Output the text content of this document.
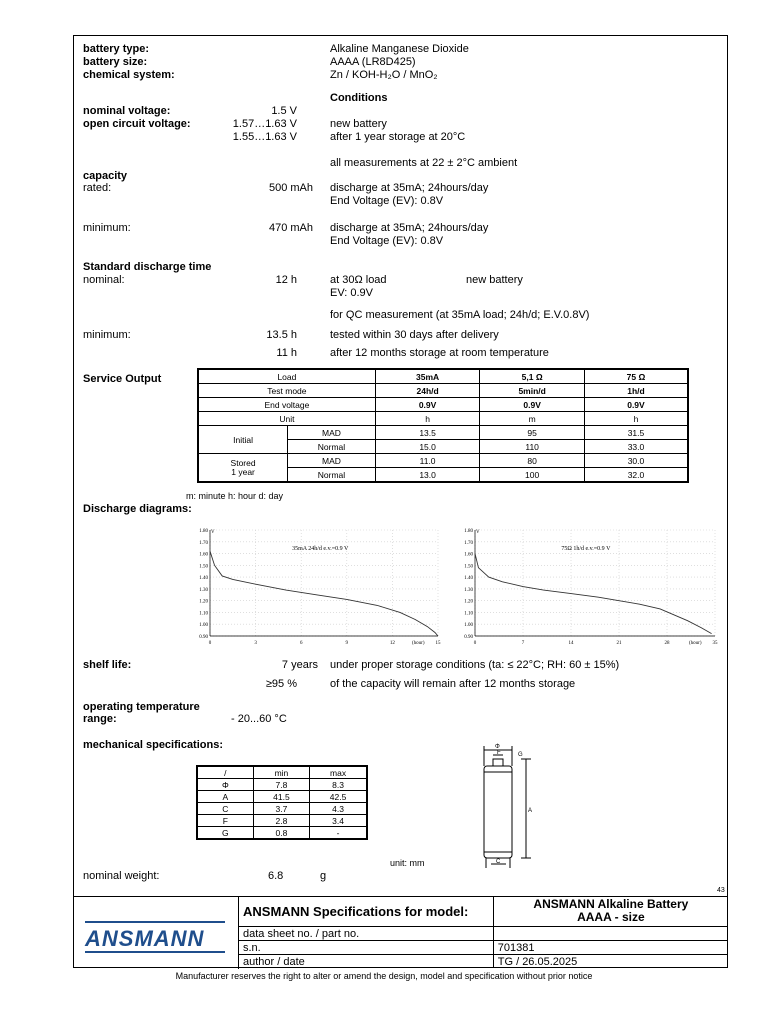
battery type:	Alkaline Manganese Dioxide
battery size:	AAAA (LR8D425)
chemical system:	Zn / KOH-H₂O / MnO₂
Conditions
nominal voltage:	1.5 V
open circuit voltage:	1.57…1.63 V	new battery
1.55…1.63 V	after 1 year storage at 20°C
all measurements at 22 ± 2°C ambient
capacity
rated:	500 mAh discharge at 35mA; 24hours/day
End Voltage (EV): 0.8V
minimum:	470 mAh discharge at 35mA; 24hours/day
End Voltage (EV): 0.8V
Standard discharge time
nominal:	12 h	at 30Ω load	new battery
EV: 0.9V
for QC measurement (at 35mA load; 24h/d; E.V.0.8V)
minimum:	13.5 h	tested within 30 days after delivery
11 h	after 12 months storage at room temperature
Service Output	Load		35mA	5,1 Ω	75 Ω
Test mode		24h/d	5min/d	1h/d
End voltage		0.9V	0.9V	0.9V
Unit		h	m	h
Initial	MAD	13.5	95	31.5
	Normal	15.0	110	33.0
Stored
1 year	MAD	11.0	80	30.0
	Normal	13.0	100	32.0
m: minute h: hour d: day
Discharge diagrams:
0.90
1.00
1.10
1.20
1.30
1.40
1.50
1.60
1.70
1.80
0	3	6	9	12	15
V
(hour)
35mA 24h/d e.v.=0.9 V
0.90
1.00
1.10
1.20
1.30
1.40
1.50
1.60
1.70
1.80
0	7	14	21	28	35
V
(hour)
75Ω 1h/d e.v.=0.9 V
shelf life:	7 years under proper storage conditions (ta: ≤ 22°C; RH: 60 ± 15%)
≥95 %	of the capacity will remain after 12 months storage
operating temperature
range:	- 20...60 °C
mechanical specifications:
/	min	max
Φ	7.8	8.3
A	41.5	42.5
C	3.7	4.3
F	2.8	3.4
G	0.8	-
Φ
F	G
A
C
unit: mm
nominal weight:	6.8	g
43
ANSMANN
ANSMANN Specifications for model:	ANSMANN Alkaline Battery
AAAA - size

data sheet no. / part no.	
s.n.	701381
author / date	TG / 26.05.2025
Manufacturer reserves the right to alter or amend the design, model and specification without prior notice
